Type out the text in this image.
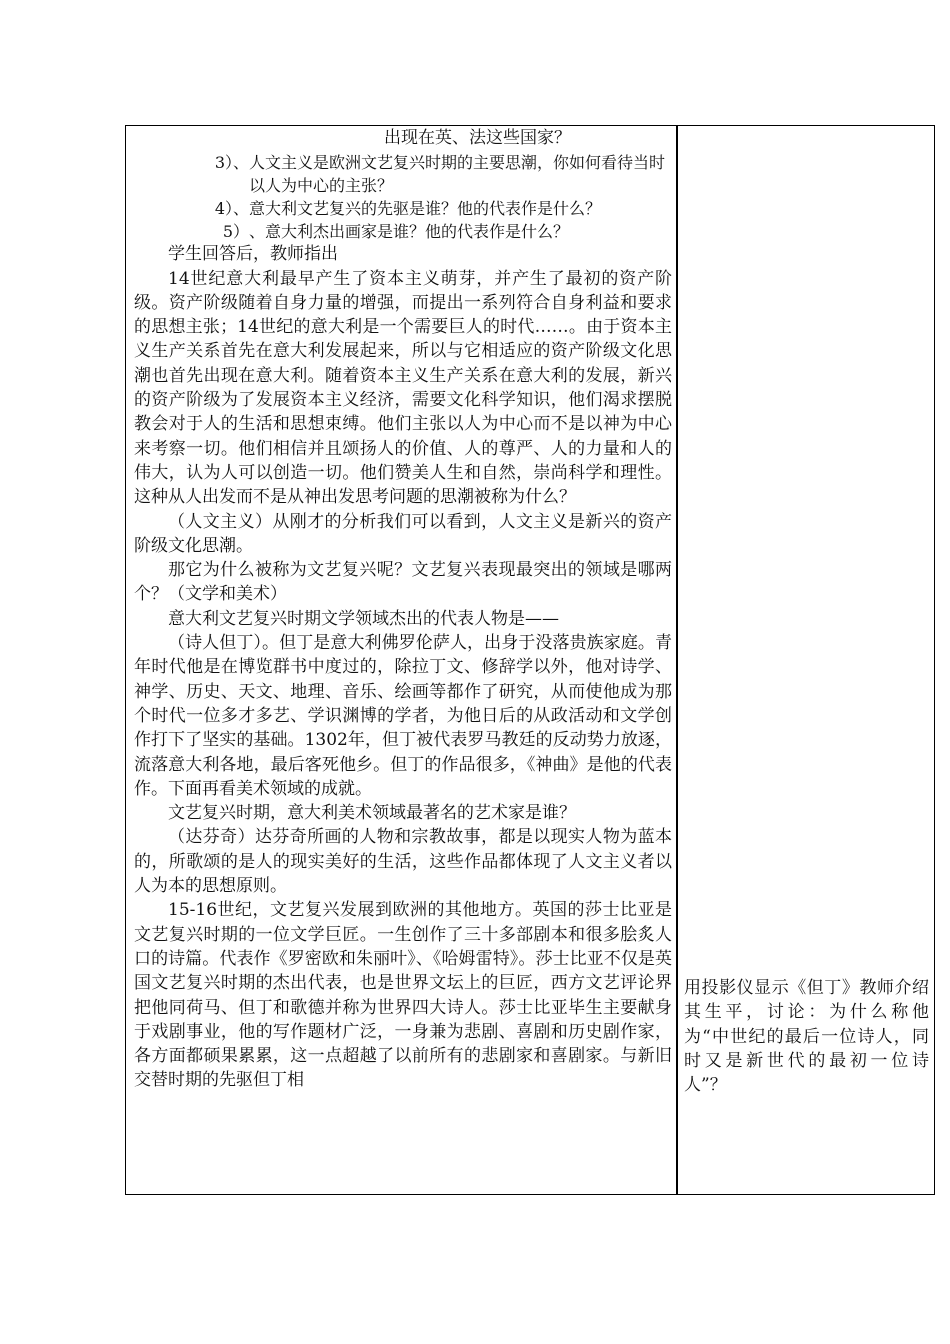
出现在英、法这些国家？

3）、 人文主义是欧洲文艺复兴时期的主要思潮，你如何看待当时以人为中心的主张？
4）、 意大利文艺复兴的先驱是谁？他的代表作是什么？
5） 、意大利杰出画家是谁？他的代表作是什么？

学生回答后，教师指出

14世纪意大利最早产生了资本主义萌芽，并产生了最初的资产阶级。资产阶级随着自身力量的增强，而提出一系列符合自身利益和要求的思想主张；14世纪的意大利是一个需要巨人的时代……。由于资本主义生产关系首先在意大利发展起来，所以与它相适应的资产阶级文化思潮也首先出现在意大利。随着资本主义生产关系在意大利的发展，新兴的资产阶级为了发展资本主义经济，需要文化科学知识，他们渴求摆脱教会对于人的生活和思想束缚。他们主张以人为中心而不是以神为中心来考察一切。他们相信并且颂扬人的价值、人的尊严、人的力量和人的伟大，认为人可以创造一切。他们赞美人生和自然，崇尚科学和理性。这种从人出发而不是从神出发思考问题的思潮被称为什么？

（人文主义）从刚才的分析我们可以看到，人文主义是新兴的资产阶级文化思潮。

那它为什么被称为文艺复兴呢？文艺复兴表现最突出的领域是哪两个？（文学和美术）

意大利文艺复兴时期文学领域杰出的代表人物是——

（诗人但丁）。但丁是意大利佛罗伦萨人，出身于没落贵族家庭。青年时代他是在博览群书中度过的，除拉丁文、修辞学以外，他对诗学、神学、历史、天文、地理、音乐、绘画等都作了研究，从而使他成为那个时代一位多才多艺、学识渊博的学者，为他日后的从政活动和文学创作打下了坚实的基础。1302年，但丁被代表罗马教廷的反动势力放逐，流落意大利各地，最后客死他乡。但丁的作品很多，《神曲》是他的代表作。下面再看美术领域的成就。

文艺复兴时期，意大利美术领域最著名的艺术家是谁？

（达芬奇）达芬奇所画的人物和宗教故事，都是以现实人物为蓝本的，所歌颂的是人的现实美好的生活，这些作品都体现了人文主义者以人为本的思想原则。

15-16世纪，文艺复兴发展到欧洲的其他地方。英国的莎士比亚是文艺复兴时期的一位文学巨匠。一生创作了三十多部剧本和很多脍炙人口的诗篇。代表作《罗密欧和朱丽叶》、《哈姆雷特》。莎士比亚不仅是英国文艺复兴时期的杰出代表，也是世界文坛上的巨匠，西方文艺评论界把他同荷马、但丁和歌德并称为世界四大诗人。莎士比亚毕生主要献身于戏剧事业，他的写作题材广泛，一身兼为悲剧、喜剧和历史剧作家，各方面都硕果累累，这一点超越了以前所有的悲剧家和喜剧家。与新旧交替时期的先驱但丁相

用投影仪显示《但丁》教师介绍其生平，讨论：为什么称他为“中世纪的最后一位诗人，同时又是新世代的最初一位诗人”？
